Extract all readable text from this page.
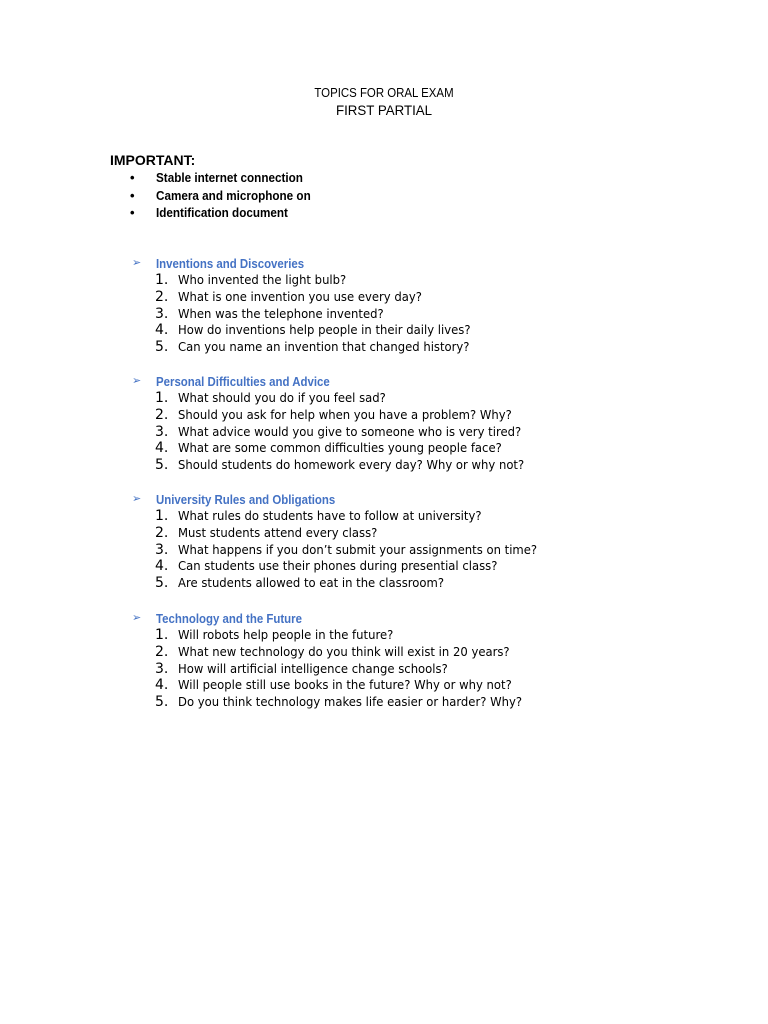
TOPICS FOR ORAL EXAM
FIRST PARTIAL
IMPORTANT:
•	Stable internet connection
•	Camera and microphone on
•	Identification document
➢ Inventions and Discoveries
1. Who invented the light bulb?
2. What is one invention you use every day?
3. When was the telephone invented?
4. How do inventions help people in their daily lives?
5. Can you name an invention that changed history?
➢ Personal Difficulties and Advice
1. What should you do if you feel sad?
2. Should you ask for help when you have a problem? Why?
3. What advice would you give to someone who is very tired?
4. What are some common difficulties young people face?
5. Should students do homework every day? Why or why not?
➢ University Rules and Obligations
1. What rules do students have to follow at university?
2. Must students attend every class?
3. What happens if you don’t submit your assignments on time?
4. Can students use their phones during presential class?
5. Are students allowed to eat in the classroom?
➢ Technology and the Future
1. Will robots help people in the future?
2. What new technology do you think will exist in 20 years?
3. How will artificial intelligence change schools?
4. Will people still use books in the future? Why or why not?
5. Do you think technology makes life easier or harder? Why?
